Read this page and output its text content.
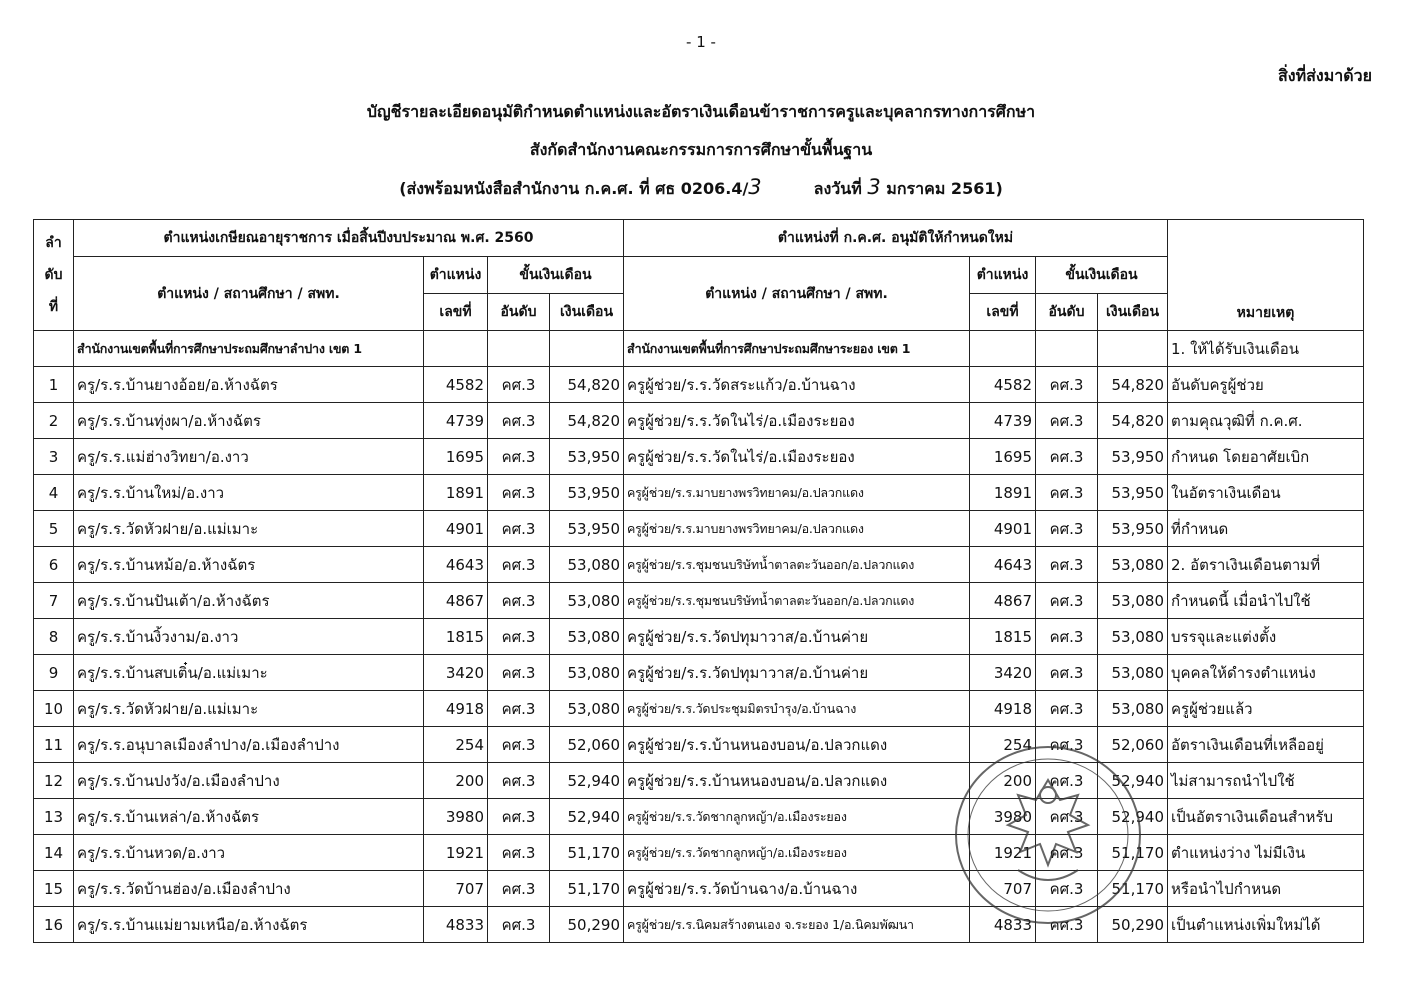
- 1 -
สิ่งที่ส่งมาด้วย
บัญชีรายละเอียดอนุมัติกำหนดตำแหน่งและอัตราเงินเดือนข้าราชการครูและบุคลากรทางการศึกษา
สังกัดสำนักงานคณะกรรมการการศึกษาขั้นพื้นฐาน
(ส่งพร้อมหนังสือสำนักงาน ก.ค.ศ. ที่ ศธ 0206.4/3	ลงวันที่ 3 มกราคม 2561)
ลำ
ดับ
ที่	ตำแหน่งเกษียณอายุราชการ เมื่อสิ้นปีงบประมาณ พ.ศ. 2560				ตำแหน่งที่ ก.ค.ศ. อนุมัติให้กำหนดใหม่				หมายเหตุ
	ตำแหน่ง / สถานศึกษา / สพท.	ตำแหน่ง	ขั้นเงินเดือน		ตำแหน่ง / สถานศึกษา / สพท.	ตำแหน่ง	ขั้นเงินเดือน		
		เลขที่	อันดับ	เงินเดือน		เลขที่	อันดับ	เงินเดือน	
	สำนักงานเขตพื้นที่การศึกษาประถมศึกษาลำปาง เขต 1				สำนักงานเขตพื้นที่การศึกษาประถมศึกษาระยอง เขต 1				1. ให้ได้รับเงินเดือน
1	ครู/ร.ร.บ้านยางอ้อย/อ.ห้างฉัตร	4582	คศ.3	54,820	ครูผู้ช่วย/ร.ร.วัดสระแก้ว/อ.บ้านฉาง	4582	คศ.3	54,820	อันดับครูผู้ช่วย
2	ครู/ร.ร.บ้านทุ่งผา/อ.ห้างฉัตร	4739	คศ.3	54,820	ครูผู้ช่วย/ร.ร.วัดในไร่/อ.เมืองระยอง	4739	คศ.3	54,820	ตามคุณวุฒิที่ ก.ค.ศ.
3	ครู/ร.ร.แม่ฮ่างวิทยา/อ.งาว	1695	คศ.3	53,950	ครูผู้ช่วย/ร.ร.วัดในไร่/อ.เมืองระยอง	1695	คศ.3	53,950	กำหนด โดยอาศัยเบิก
4	ครู/ร.ร.บ้านใหม่/อ.งาว	1891	คศ.3	53,950	ครูผู้ช่วย/ร.ร.มาบยางพรวิทยาคม/อ.ปลวกแดง	1891	คศ.3	53,950	ในอัตราเงินเดือน
5	ครู/ร.ร.วัดหัวฝาย/อ.แม่เมาะ	4901	คศ.3	53,950	ครูผู้ช่วย/ร.ร.มาบยางพรวิทยาคม/อ.ปลวกแดง	4901	คศ.3	53,950	ที่กำหนด
6	ครู/ร.ร.บ้านหม้อ/อ.ห้างฉัตร	4643	คศ.3	53,080	ครูผู้ช่วย/ร.ร.ชุมชนบริษัทน้ำตาลตะวันออก/อ.ปลวกแดง	4643	คศ.3	53,080	2. อัตราเงินเดือนตามที่
7	ครู/ร.ร.บ้านปันเต้า/อ.ห้างฉัตร	4867	คศ.3	53,080	ครูผู้ช่วย/ร.ร.ชุมชนบริษัทน้ำตาลตะวันออก/อ.ปลวกแดง	4867	คศ.3	53,080	กำหนดนี้ เมื่อนำไปใช้
8	ครู/ร.ร.บ้านงิ้วงาม/อ.งาว	1815	คศ.3	53,080	ครูผู้ช่วย/ร.ร.วัดปทุมาวาส/อ.บ้านค่าย	1815	คศ.3	53,080	บรรจุและแต่งตั้ง
9	ครู/ร.ร.บ้านสบเติ๋น/อ.แม่เมาะ	3420	คศ.3	53,080	ครูผู้ช่วย/ร.ร.วัดปทุมาวาส/อ.บ้านค่าย	3420	คศ.3	53,080	บุคคลให้ดำรงตำแหน่ง
10	ครู/ร.ร.วัดหัวฝาย/อ.แม่เมาะ	4918	คศ.3	53,080	ครูผู้ช่วย/ร.ร.วัดประชุมมิตรบำรุง/อ.บ้านฉาง	4918	คศ.3	53,080	ครูผู้ช่วยแล้ว
11	ครู/ร.ร.อนุบาลเมืองลำปาง/อ.เมืองลำปาง	254	คศ.3	52,060	ครูผู้ช่วย/ร.ร.บ้านหนองบอน/อ.ปลวกแดง	254	คศ.3	52,060	อัตราเงินเดือนที่เหลืออยู่
12	ครู/ร.ร.บ้านปงวัง/อ.เมืองลำปาง	200	คศ.3	52,940	ครูผู้ช่วย/ร.ร.บ้านหนองบอน/อ.ปลวกแดง	200	คศ.3	52,940	ไม่สามารถนำไปใช้
13	ครู/ร.ร.บ้านเหล่า/อ.ห้างฉัตร	3980	คศ.3	52,940	ครูผู้ช่วย/ร.ร.วัดชากลูกหญ้า/อ.เมืองระยอง	3980	คศ.3	52,940	เป็นอัตราเงินเดือนสำหรับ
14	ครู/ร.ร.บ้านหวด/อ.งาว	1921	คศ.3	51,170	ครูผู้ช่วย/ร.ร.วัดชากลูกหญ้า/อ.เมืองระยอง	1921	คศ.3	51,170	ตำแหน่งว่าง ไม่มีเงิน
15	ครู/ร.ร.วัดบ้านฮ่อง/อ.เมืองลำปาง	707	คศ.3	51,170	ครูผู้ช่วย/ร.ร.วัดบ้านฉาง/อ.บ้านฉาง	707	คศ.3	51,170	หรือนำไปกำหนด
16	ครู/ร.ร.บ้านแม่ยามเหนือ/อ.ห้างฉัตร	4833	คศ.3	50,290	ครูผู้ช่วย/ร.ร.นิคมสร้างตนเอง จ.ระยอง 1/อ.นิคมพัฒนา	4833	คศ.3	50,290	เป็นตำแหน่งเพิ่มใหม่ได้
